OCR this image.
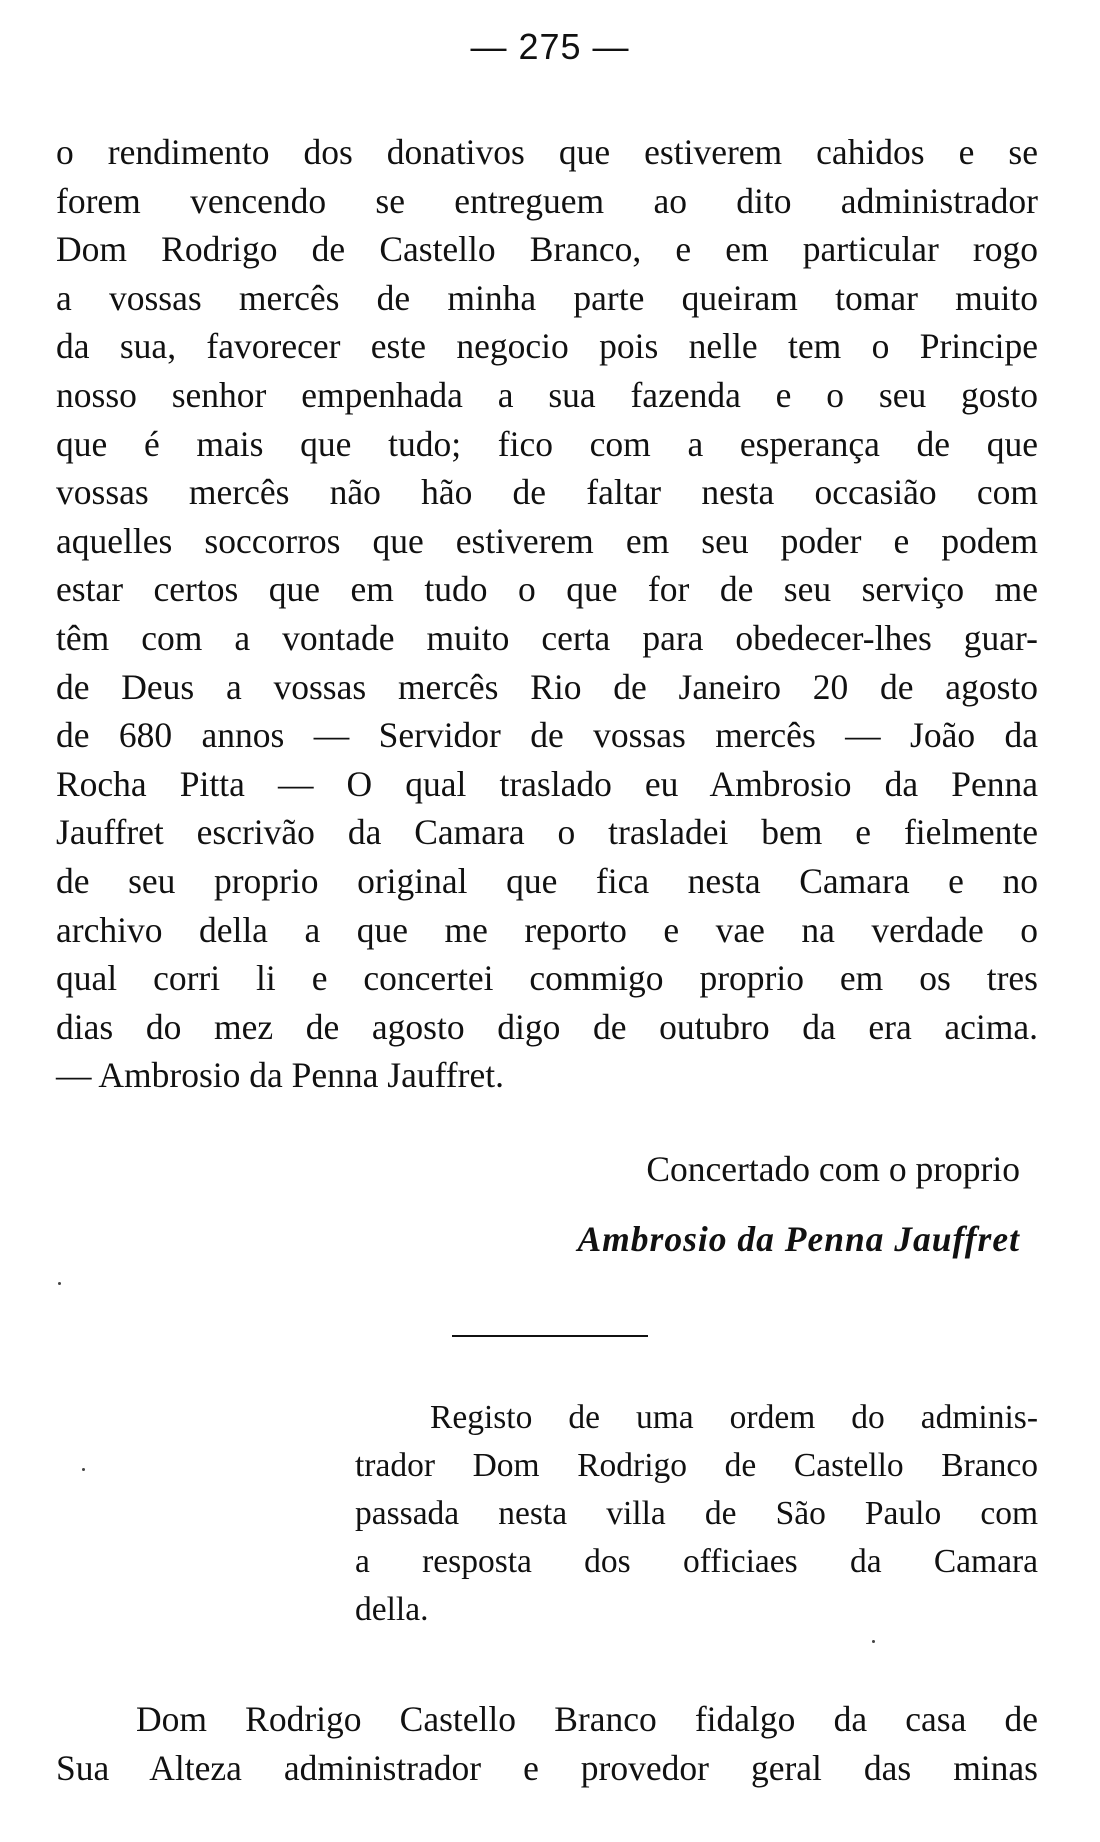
— 275 —
o rendimento dos donativos que estiverem cahidos e se
forem vencendo se entreguem ao dito administrador
Dom Rodrigo de Castello Branco, e em particular rogo
a vossas mercês de minha parte queiram tomar muito
da sua, favorecer este negocio pois nelle tem o Principe
nosso senhor empenhada a sua fazenda e o seu gosto
que é mais que tudo; fico com a esperança de que
vossas mercês não hão de faltar nesta occasião com
aquelles soccorros que estiverem em seu poder e podem
estar certos que em tudo o que for de seu serviço me
têm com a vontade muito certa para obedecer-lhes guar-
de Deus a vossas mercês Rio de Janeiro 20 de agosto
de 680 annos — Servidor de vossas mercês — João da
Rocha Pitta — O qual traslado eu Ambrosio da Penna
Jauffret escrivão da Camara o trasladei bem e fielmente
de seu proprio original que fica nesta Camara e no
archivo della a que me reporto e vae na verdade o
qual corri li e concertei commigo proprio em os tres
dias do mez de agosto digo de outubro da era acima.
— Ambrosio da Penna Jauffret.
Concertado com o proprio
Ambrosio da Penna Jauffret
Registo de uma ordem do adminis-
trador Dom Rodrigo de Castello Branco
passada nesta villa de São Paulo com
a resposta dos officiaes da Camara
della.
Dom Rodrigo Castello Branco fidalgo da casa de
Sua Alteza administrador e provedor geral das minas
